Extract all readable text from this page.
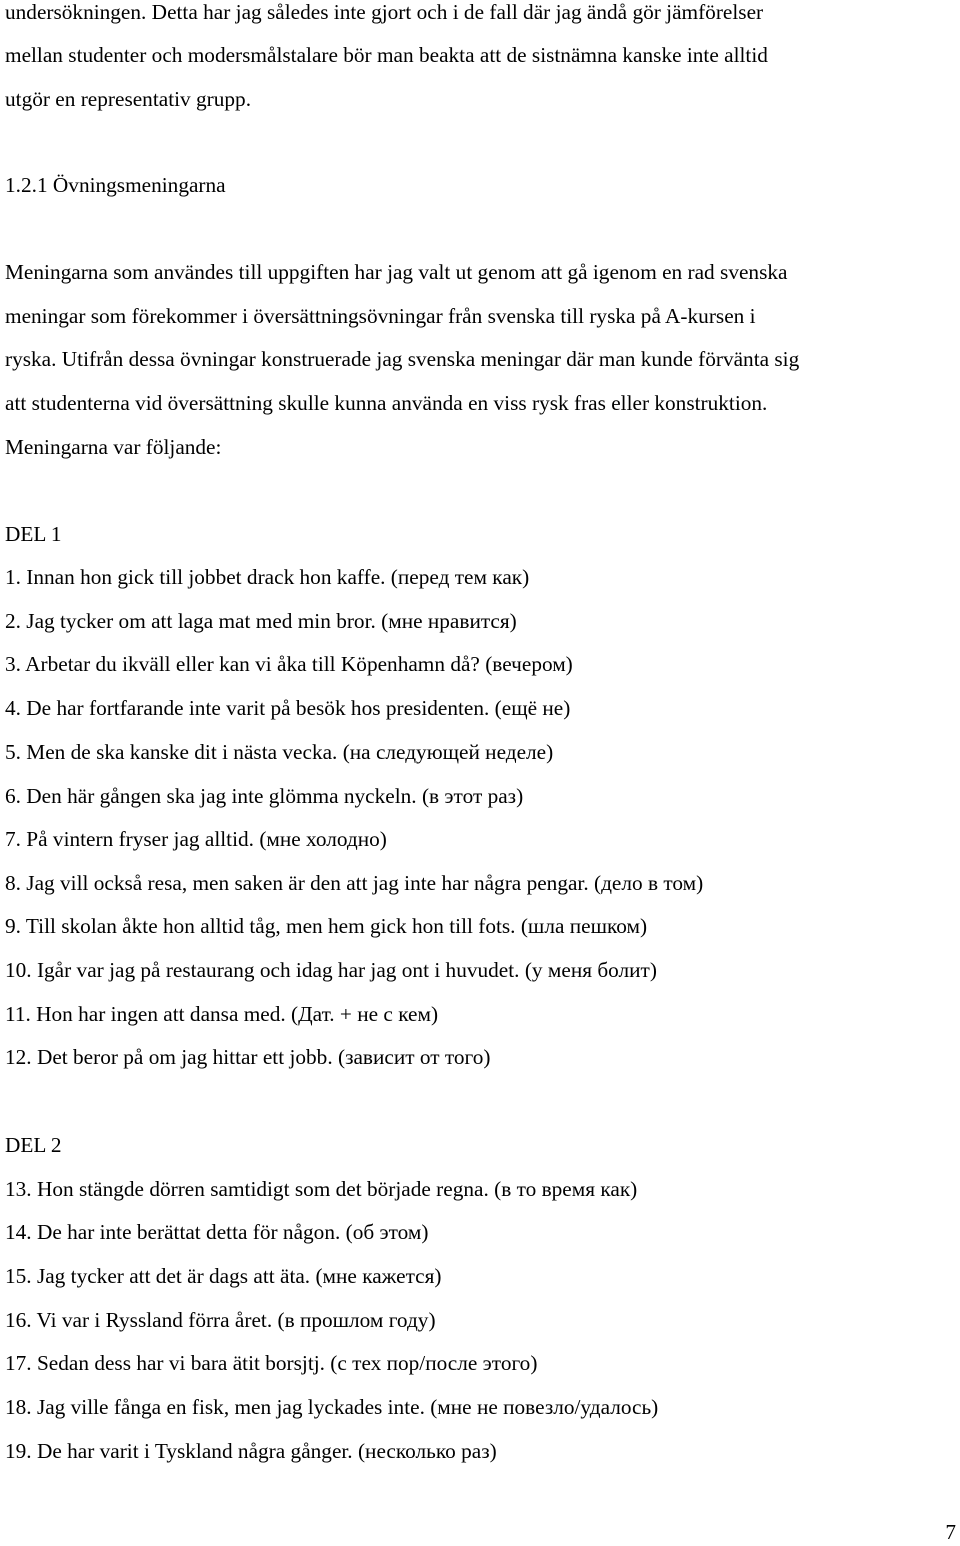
undersökningen. Detta har jag således inte gjort och i de fall där jag ändå gör jämförelser
mellan studenter och modersmålstalare bör man beakta att de sistnämna kanske inte alltid
utgör en representativ grupp.
1.2.1 Övningsmeningarna
Meningarna som användes till uppgiften har jag valt ut genom att gå igenom en rad svenska
meningar som förekommer i översättningsövningar från svenska till ryska på A-kursen i
ryska. Utifrån dessa övningar konstruerade jag svenska meningar där man kunde förvänta sig
att studenterna vid översättning skulle kunna använda en viss rysk fras eller konstruktion.
Meningarna var följande:
DEL 1
1. Innan hon gick till jobbet drack hon kaffe. (перед тем как)
2. Jag tycker om att laga mat med min bror. (мне нравится)
3. Arbetar du ikväll eller kan vi åka till Köpenhamn då? (вечером)
4. De har fortfarande inte varit på besök hos presidenten. (ещё не)
5. Men de ska kanske dit i nästa vecka. (на следующей неделе)
6. Den här gången ska jag inte glömma nyckeln. (в этот раз)
7. På vintern fryser jag alltid. (мне холодно)
8. Jag vill också resa, men saken är den att jag inte har några pengar. (дело в том)
9. Till skolan åkte hon alltid tåg, men hem gick hon till fots. (шла пешком)
10. Igår var jag på restaurang och idag har jag ont i huvudet. (у меня болит)
11. Hon har ingen att dansa med. (Дат. + не с кем)
12. Det beror på om jag hittar ett jobb. (зависит от того)
DEL 2
13. Hon stängde dörren samtidigt som det började regna. (в то время как)
14. De har inte berättat detta för någon. (об этом)
15. Jag tycker att det är dags att äta. (мне кажется)
16. Vi var i Ryssland förra året. (в прошлом году)
17. Sedan dess har vi bara ätit borsjtj. (с тех пор/после этого)
18. Jag ville fånga en fisk, men jag lyckades inte. (мне не повезло/удалось)
19. De har varit i Tyskland några gånger. (несколько раз)
7
